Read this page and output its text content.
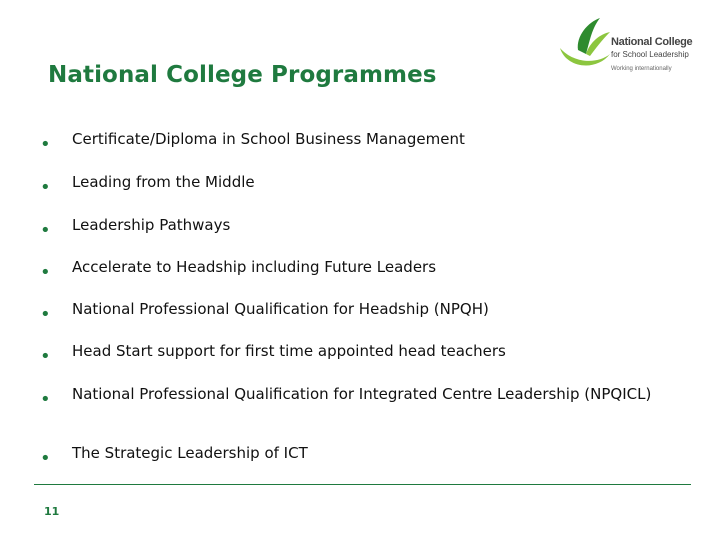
National College Programmes
National College
for School Leadership
Working internationally
• Certificate/Diploma in School Business Management
• Leading from the Middle
• Leadership Pathways
• Accelerate to Headship including Future Leaders
• National Professional Qualification for Headship (NPQH)
• Head Start support for first time appointed head teachers
• National Professional Qualification for Integrated Centre Leadership (NPQICL)
• The Strategic Leadership of ICT
11
